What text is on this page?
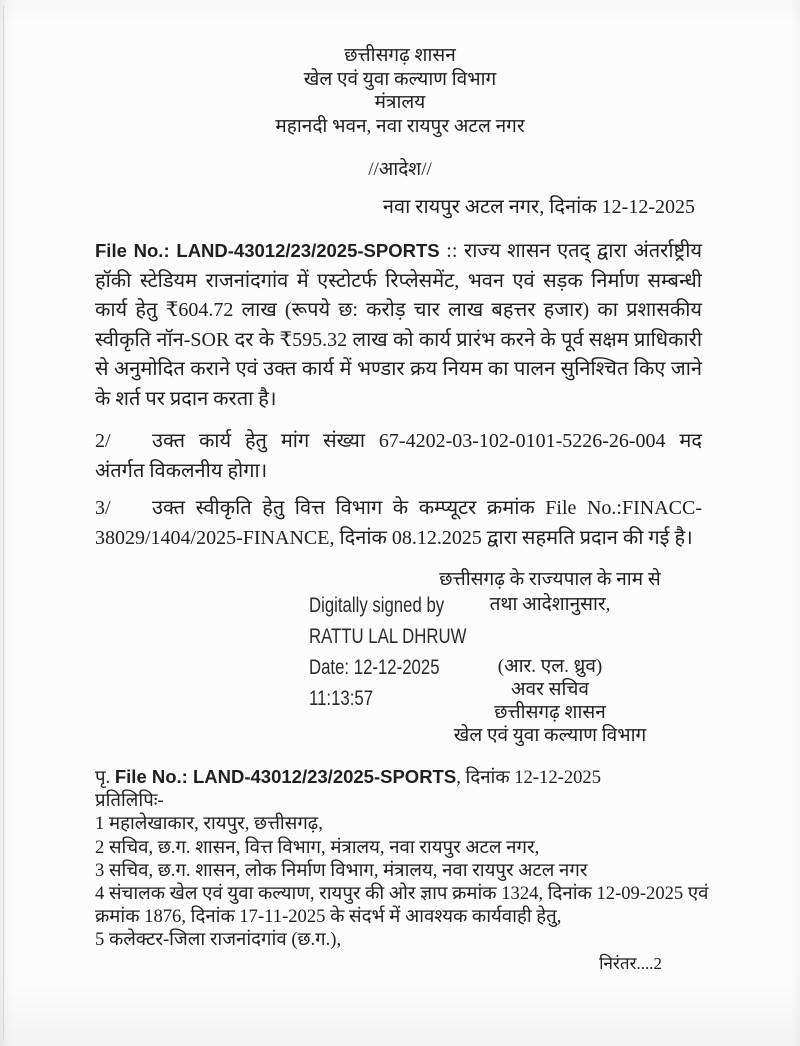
छत्तीसगढ़ शासन
खेल एवं युवा कल्याण विभाग
मंत्रालय
महानदी भवन, नवा रायपुर अटल नगर
//आदेश//
नवा रायपुर अटल नगर, दिनांक 12-12-2025
File No.: LAND-43012/23/2025-SPORTS :: राज्य शासन एतद् द्वारा अंतर्राष्ट्रीय हॉकी स्टेडियम राजनांदगांव में एस्टोटर्फ रिप्लेसमेंट, भवन एवं सड़क निर्माण सम्बन्धी कार्य हेतु ₹604.72 लाख (रूपये छ: करोड़ चार लाख बहत्तर हजार) का प्रशासकीय स्वीकृति नॉन-SOR दर के ₹595.32 लाख को कार्य प्रारंभ करने के पूर्व सक्षम प्राधिकारी से अनुमोदित कराने एवं उक्त कार्य में भण्डार क्रय नियम का पालन सुनिश्चित किए जाने के शर्त पर प्रदान करता है।
2/ उक्त कार्य हेतु मांग संख्या 67-4202-03-102-0101-5226-26-004 मद अंतर्गत विकलनीय होगा।
3/ उक्त स्वीकृति हेतु वित्त विभाग के कम्प्यूटर क्रमांक File No.:FINACC-38029/1404/2025-FINANCE, दिनांक 08.12.2025 द्वारा सहमति प्रदान की गई है।
छत्तीसगढ़ के राज्यपाल के नाम से
तथा आदेशानुसार,
Digitally signed by
RATTU LAL DHRUW
Date: 12-12-2025
11:13:57
(आर. एल. ध्रुव)
अवर सचिव
छत्तीसगढ़ शासन
खेल एवं युवा कल्याण विभाग
पृ. File No.: LAND-43012/23/2025-SPORTS, दिनांक 12-12-2025
प्रतिलिपिः-
1 महालेखाकार, रायपुर, छत्तीसगढ़,
2 सचिव, छ.ग. शासन, वित्त विभाग, मंत्रालय, नवा रायपुर अटल नगर,
3 सचिव, छ.ग. शासन, लोक निर्माण विभाग, मंत्रालय, नवा रायपुर अटल नगर
4 संचालक खेल एवं युवा कल्याण, रायपुर की ओर ज्ञाप क्रमांक 1324, दिनांक 12-09-2025 एवं क्रमांक 1876, दिनांक 17-11-2025 के संदर्भ में आवश्यक कार्यवाही हेतु,
5 कलेक्टर-जिला राजनांदगांव (छ.ग.),
निरंतर....2
